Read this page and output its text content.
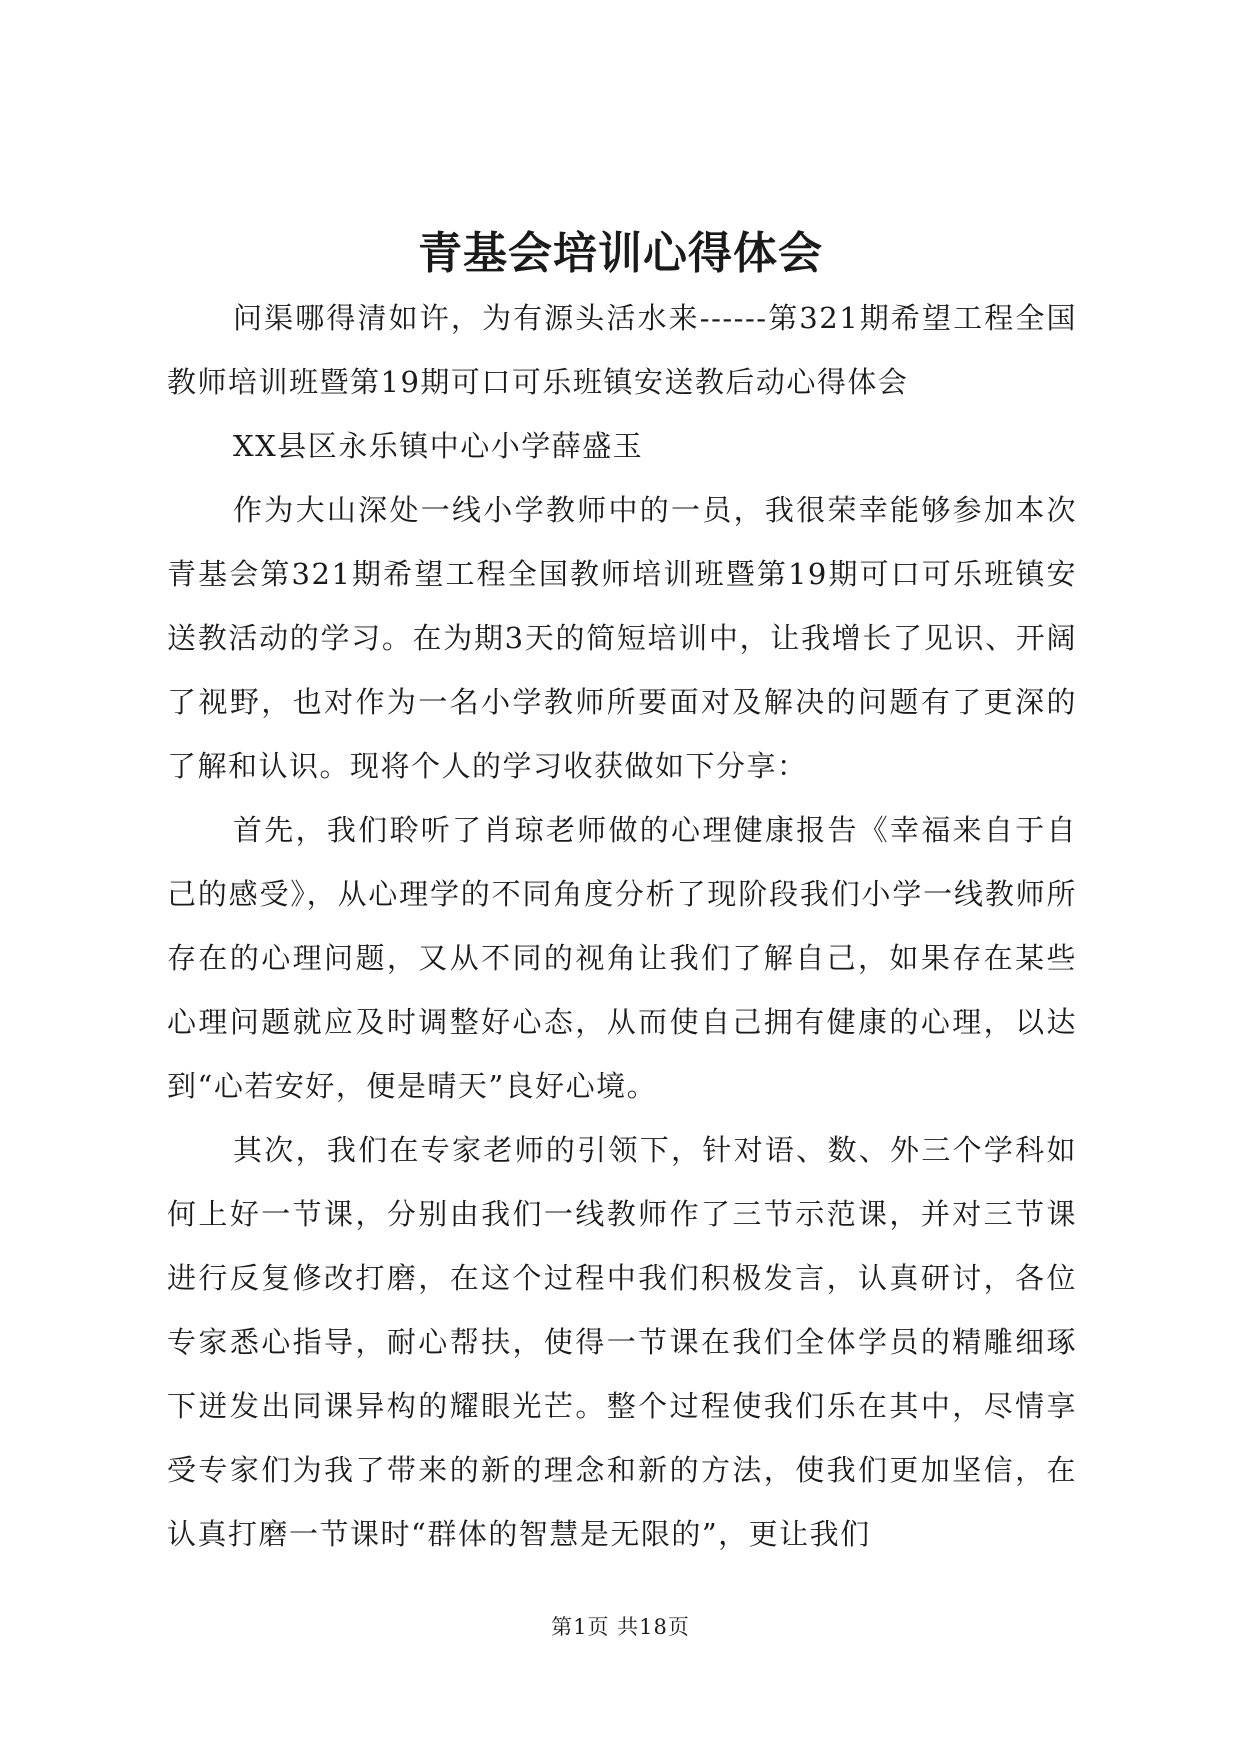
青基会培训心得体会

问渠哪得清如许，为有源头活水来------第321期希望工程全国教师培训班暨第19期可口可乐班镇安送教后动心得体会

XX县区永乐镇中心小学薛盛玉

作为大山深处一线小学教师中的一员，我很荣幸能够参加本次青基会第321期希望工程全国教师培训班暨第19期可口可乐班镇安送教活动的学习。在为期3天的简短培训中，让我增长了见识、开阔了视野，也对作为一名小学教师所要面对及解决的问题有了更深的了解和认识。现将个人的学习收获做如下分享：

首先，我们聆听了肖琼老师做的心理健康报告《幸福来自于自己的感受》，从心理学的不同角度分析了现阶段我们小学一线教师所存在的心理问题，又从不同的视角让我们了解自己，如果存在某些心理问题就应及时调整好心态，从而使自己拥有健康的心理，以达到“心若安好，便是晴天”良好心境。

其次，我们在专家老师的引领下，针对语、数、外三个学科如何上好一节课，分别由我们一线教师作了三节示范课，并对三节课进行反复修改打磨，在这个过程中我们积极发言，认真研讨，各位专家悉心指导，耐心帮扶，使得一节课在我们全体学员的精雕细琢下迸发出同课异构的耀眼光芒。整个过程使我们乐在其中，尽情享受专家们为我了带来的新的理念和新的方法，使我们更加坚信，在认真打磨一节课时“群体的智慧是无限的”，更让我们

第1页 共18页
